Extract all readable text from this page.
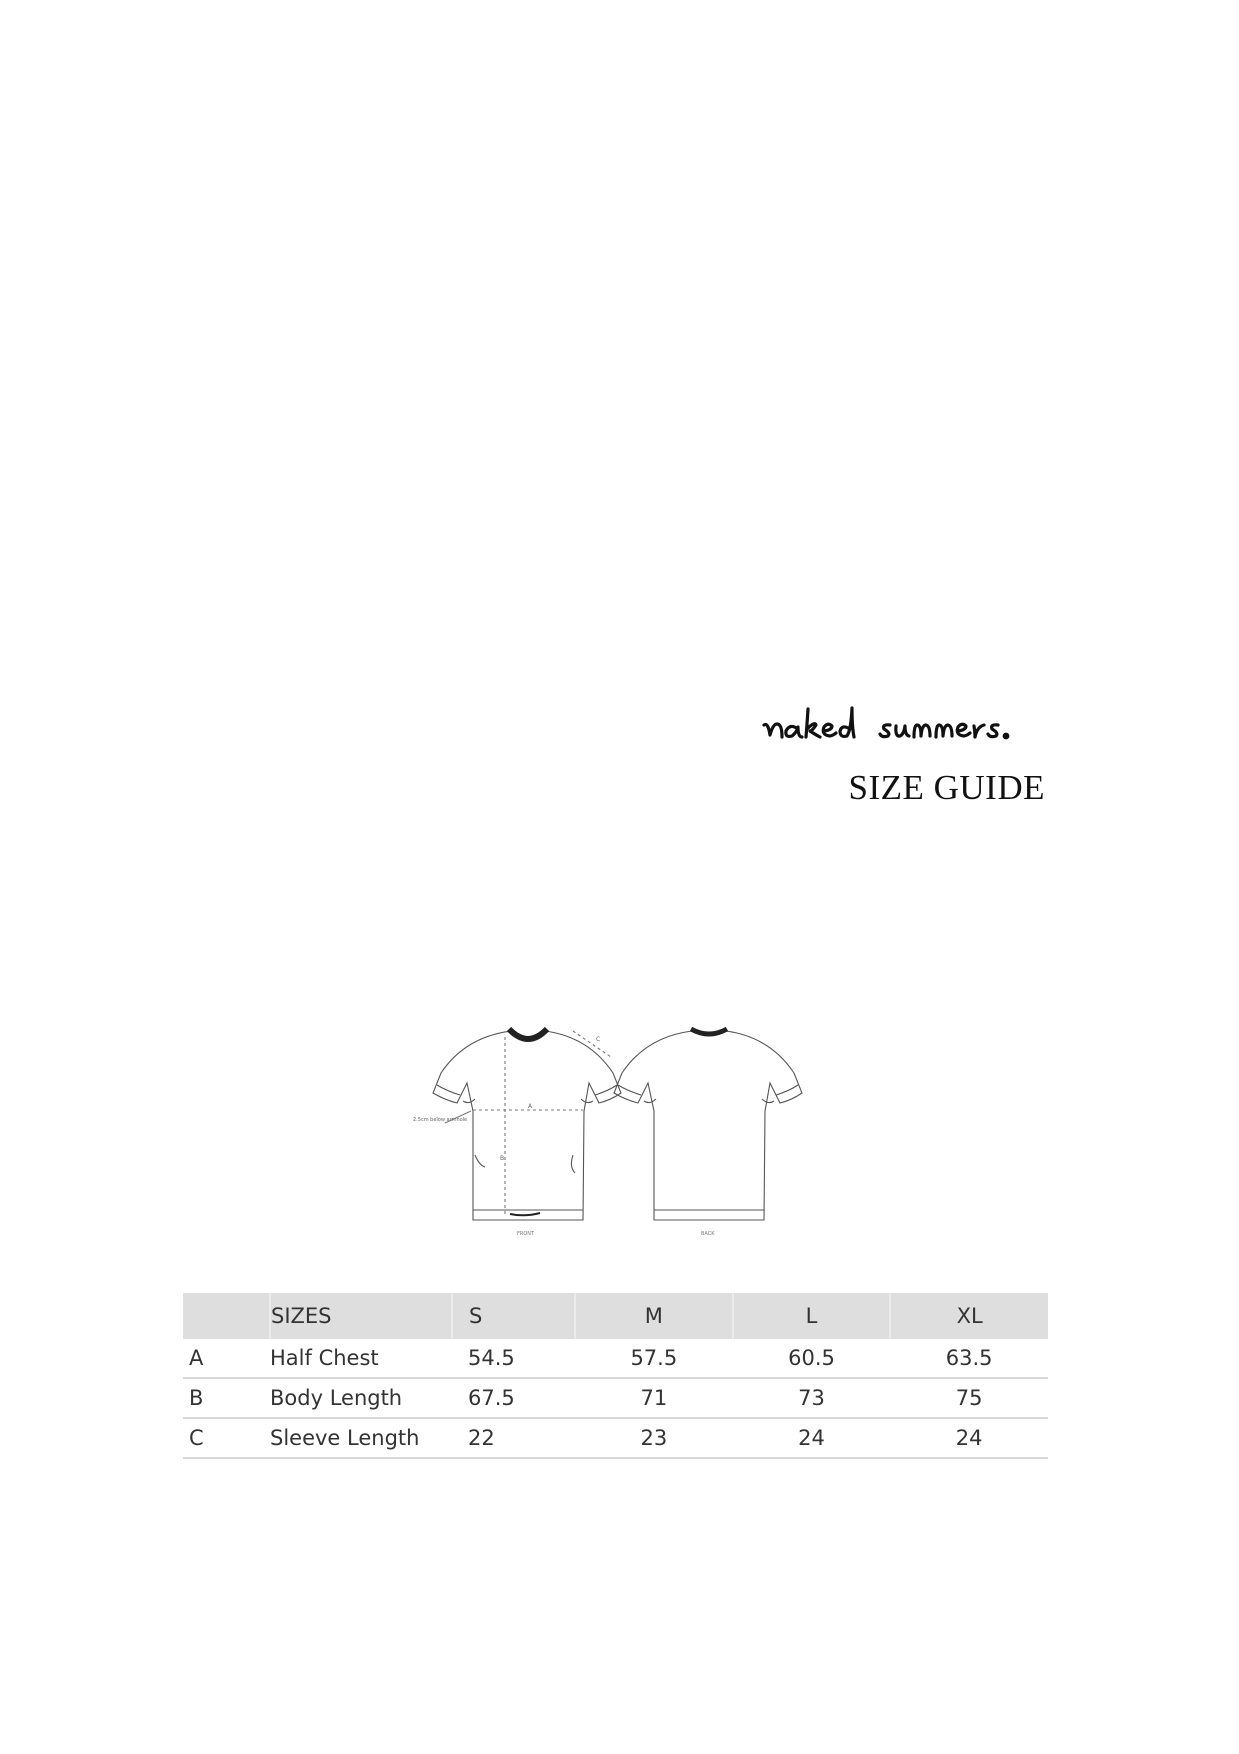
SIZE GUIDE
A
B
C
2.5cm below armhole
FRONT	BACK
	SIZES	S	M	L	XL
A	Half Chest	54.5	57.5	60.5	63.5
B	Body Length	67.5	71	73	75
C	Sleeve Length	22	23	24	24
